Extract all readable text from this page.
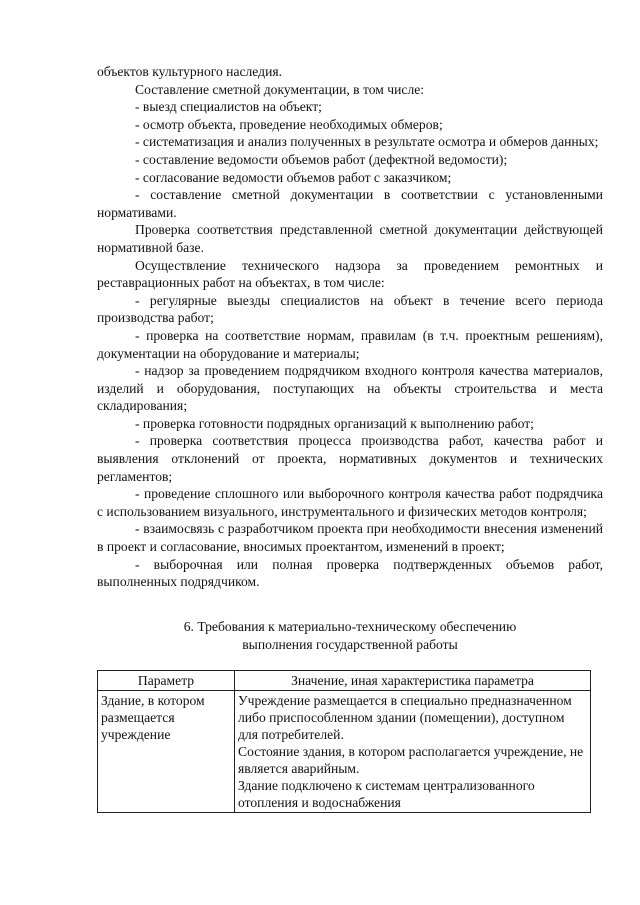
объектов культурного наследия.

Составление сметной документации, в том числе:

- выезд специалистов на объект;

- осмотр объекта, проведение необходимых обмеров;

- систематизация и анализ полученных в результате осмотра и обмеров данных;

- составление ведомости объемов работ (дефектной ведомости);

- согласование ведомости объемов работ с заказчиком;

- составление сметной документации в соответствии с установленными нормативами.

Проверка соответствия представленной сметной документации действующей нормативной базе.

Осуществление технического надзора за проведением ремонтных и реставрационных работ на объектах, в том числе:

- регулярные выезды специалистов на объект в течение всего периода производства работ;

- проверка на соответствие нормам, правилам (в т.ч. проектным решениям), документации на оборудование и материалы;

- надзор за проведением подрядчиком входного контроля качества материалов, изделий и оборудования, поступающих на объекты строительства и места складирования;

- проверка готовности подрядных организаций к выполнению работ;

- проверка соответствия процесса производства работ, качества работ и выявления отклонений от проекта, нормативных документов и технических регламентов;

- проведение сплошного или выборочного контроля качества работ подрядчика с использованием визуального, инструментального и физических методов контроля;

- взаимосвязь с разработчиком проекта при необходимости внесения изменений в проект и согласование, вносимых проектантом, изменений в проект;

- выборочная или полная проверка подтвержденных объемов работ, выполненных подрядчиком.

6. Требования к материально-техническому обеспечению
выполнения государственной работы
Параметр	Значение, иная характеристика параметра
Здание, в котором размещается учреждение	Учреждение размещается в специально предназначенном либо приспособленном здании (помещении), доступном для потребителей.
Состояние здания, в котором располагается учреждение, не является аварийным.
Здание подключено к системам централизованного отопления и водоснабжения
